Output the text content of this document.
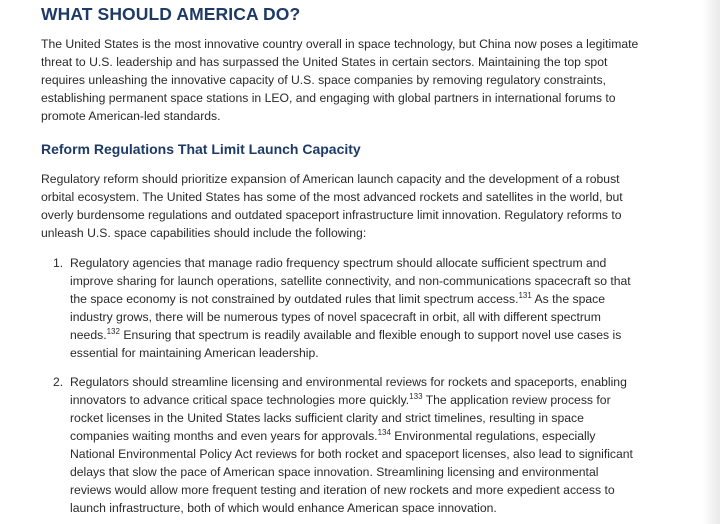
WHAT SHOULD AMERICA DO?

The United States is the most innovative country overall in space technology, but China now poses a legitimate threat to U.S. leadership and has surpassed the United States in certain sectors. Maintaining the top spot requires unleashing the innovative capacity of U.S. space companies by removing regulatory constraints, establishing permanent space stations in LEO, and engaging with global partners in international forums to promote American-led standards.

Reform Regulations That Limit Launch Capacity

Regulatory reform should prioritize expansion of American launch capacity and the development of a robust orbital ecosystem. The United States has some of the most advanced rockets and satellites in the world, but overly burdensome regulations and outdated spaceport infrastructure limit innovation. Regulatory reforms to unleash U.S. space capabilities should include the following:

1. Regulatory agencies that manage radio frequency spectrum should allocate sufficient spectrum and improve sharing for launch operations, satellite connectivity, and non-communications spacecraft so that the space economy is not constrained by outdated rules that limit spectrum access.$^{131}$ As the space industry grows, there will be numerous types of novel spacecraft in orbit, all with different spectrum needs.$^{132}$ Ensuring that spectrum is readily available and flexible enough to support novel use cases is essential for maintaining American leadership.

2. Regulators should streamline licensing and environmental reviews for rockets and spaceports, enabling innovators to advance critical space technologies more quickly.$^{133}$ The application review process for rocket licenses in the United States lacks sufficient clarity and strict timelines, resulting in space companies waiting months and even years for approvals.$^{134}$ Environmental regulations, especially National Environmental Policy Act reviews for both rocket and spaceport licenses, also lead to significant delays that slow the pace of American space innovation. Streamlining licensing and environmental reviews would allow more frequent testing and iteration of new rockets and more expedient access to launch infrastructure, both of which would enhance American space innovation.
